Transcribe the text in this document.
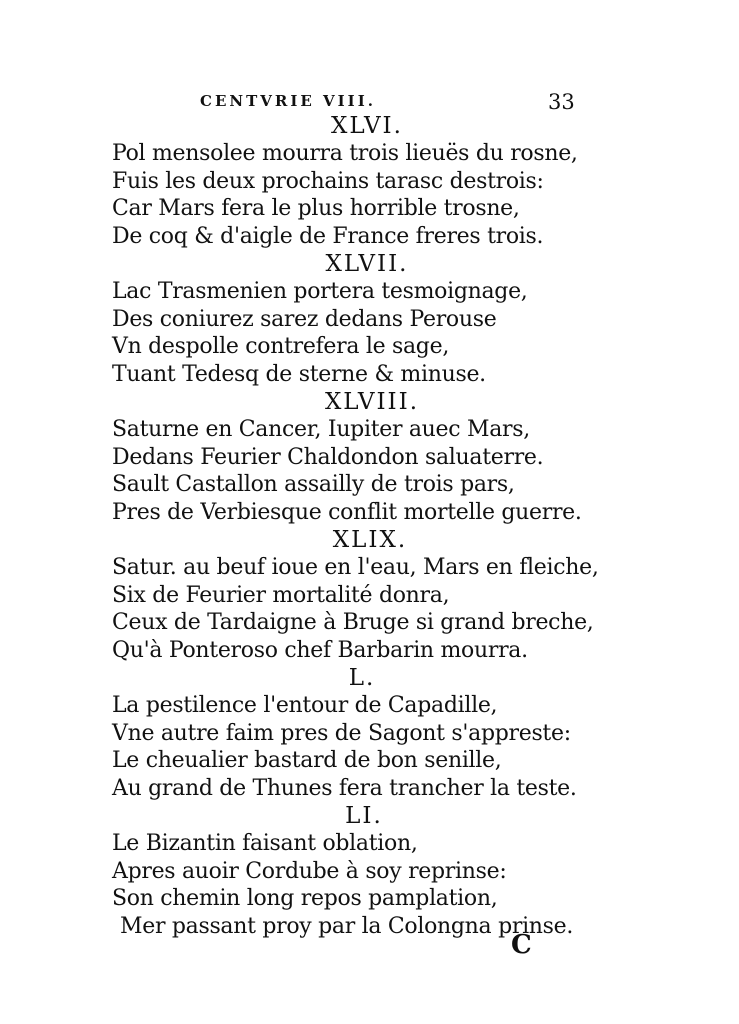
CENTVRIE VIII.	33
XLVI.
Pol mensolee mourra trois lieuës du rosne,
Fuis les deux prochains tarasc destrois:
Car Mars fera le plus horrible trosne,
De coq & d'aigle de France freres trois.
XLVII.
Lac Trasmenien portera tesmoignage,
Des coniurez sarez dedans Perouse
Vn despolle contrefera le sage,
Tuant Tedesq de sterne & minuse.
XLVIII.
Saturne en Cancer, Iupiter auec Mars,
Dedans Feurier Chaldondon saluaterre.
Sault Castallon assailly de trois pars,
Pres de Verbiesque conflit mortelle guerre.
XLIX.
Satur. au beuf ioue en l'eau, Mars en fleiche,
Six de Feurier mortalité donra,
Ceux de Tardaigne à Bruge si grand breche,
Qu'à Ponteroso chef Barbarin mourra.
L.
La pestilence l'entour de Capadille,
Vne autre faim pres de Sagont s'appreste:
Le cheualier bastard de bon senille,
Au grand de Thunes fera trancher la teste.
LI.
Le Bizantin faisant oblation,
Apres auoir Cordube à soy reprinse:
Son chemin long repos pamplation,
Mer passant proy par la Colongna prinse.
C
